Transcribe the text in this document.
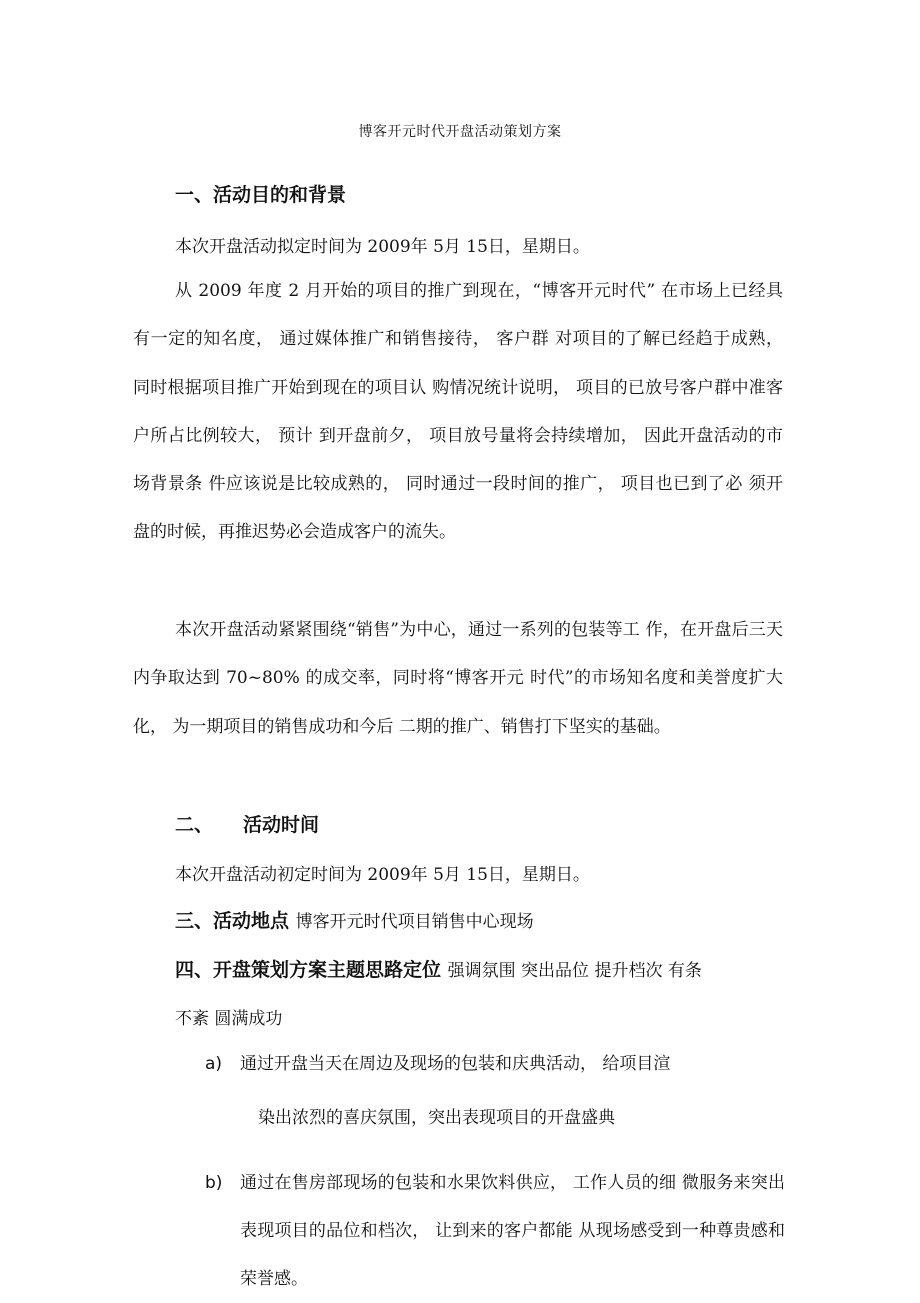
博客开元时代开盘活动策划方案
一、活动目的和背景
本次开盘活动拟定时间为 2009年 5月 15日，星期日。

从 2009 年度 2 月开始的项目的推广到现在，“博客开元时代” 在市场上已经具有一定的知名度， 通过媒体推广和销售接待， 客户群 对项目的了解已经趋于成熟， 同时根据项目推广开始到现在的项目认 购情况统计说明， 项目的已放号客户群中准客户所占比例较大， 预计 到开盘前夕， 项目放号量将会持续增加， 因此开盘活动的市场背景条 件应该说是比较成熟的， 同时通过一段时间的推广， 项目也已到了必 须开盘的时候，再推迟势必会造成客户的流失。

本次开盘活动紧紧围绕“销售”为中心，通过一系列的包装等工 作，在开盘后三天内争取达到 70~80% 的成交率，同时将“博客开元 时代”的市场知名度和美誉度扩大化， 为一期项目的销售成功和今后 二期的推广、销售打下坚实的基础。

二、 活动时间
本次开盘活动初定时间为 2009年 5月 15日，星期日。
三、活动地点 博客开元时代项目销售中心现场
四、开盘策划方案主题思路定位 强调氛围 突出品位 提升档次 有条
不紊 圆满成功
a) 通过开盘当天在周边及现场的包装和庆典活动， 给项目渲
染出浓烈的喜庆氛围，突出表现项目的开盘盛典
b) 通过在售房部现场的包装和水果饮料供应， 工作人员的细 微服务来突出表现项目的品位和档次， 让到来的客户都能 从现场感受到一种尊贵感和荣誉感。
